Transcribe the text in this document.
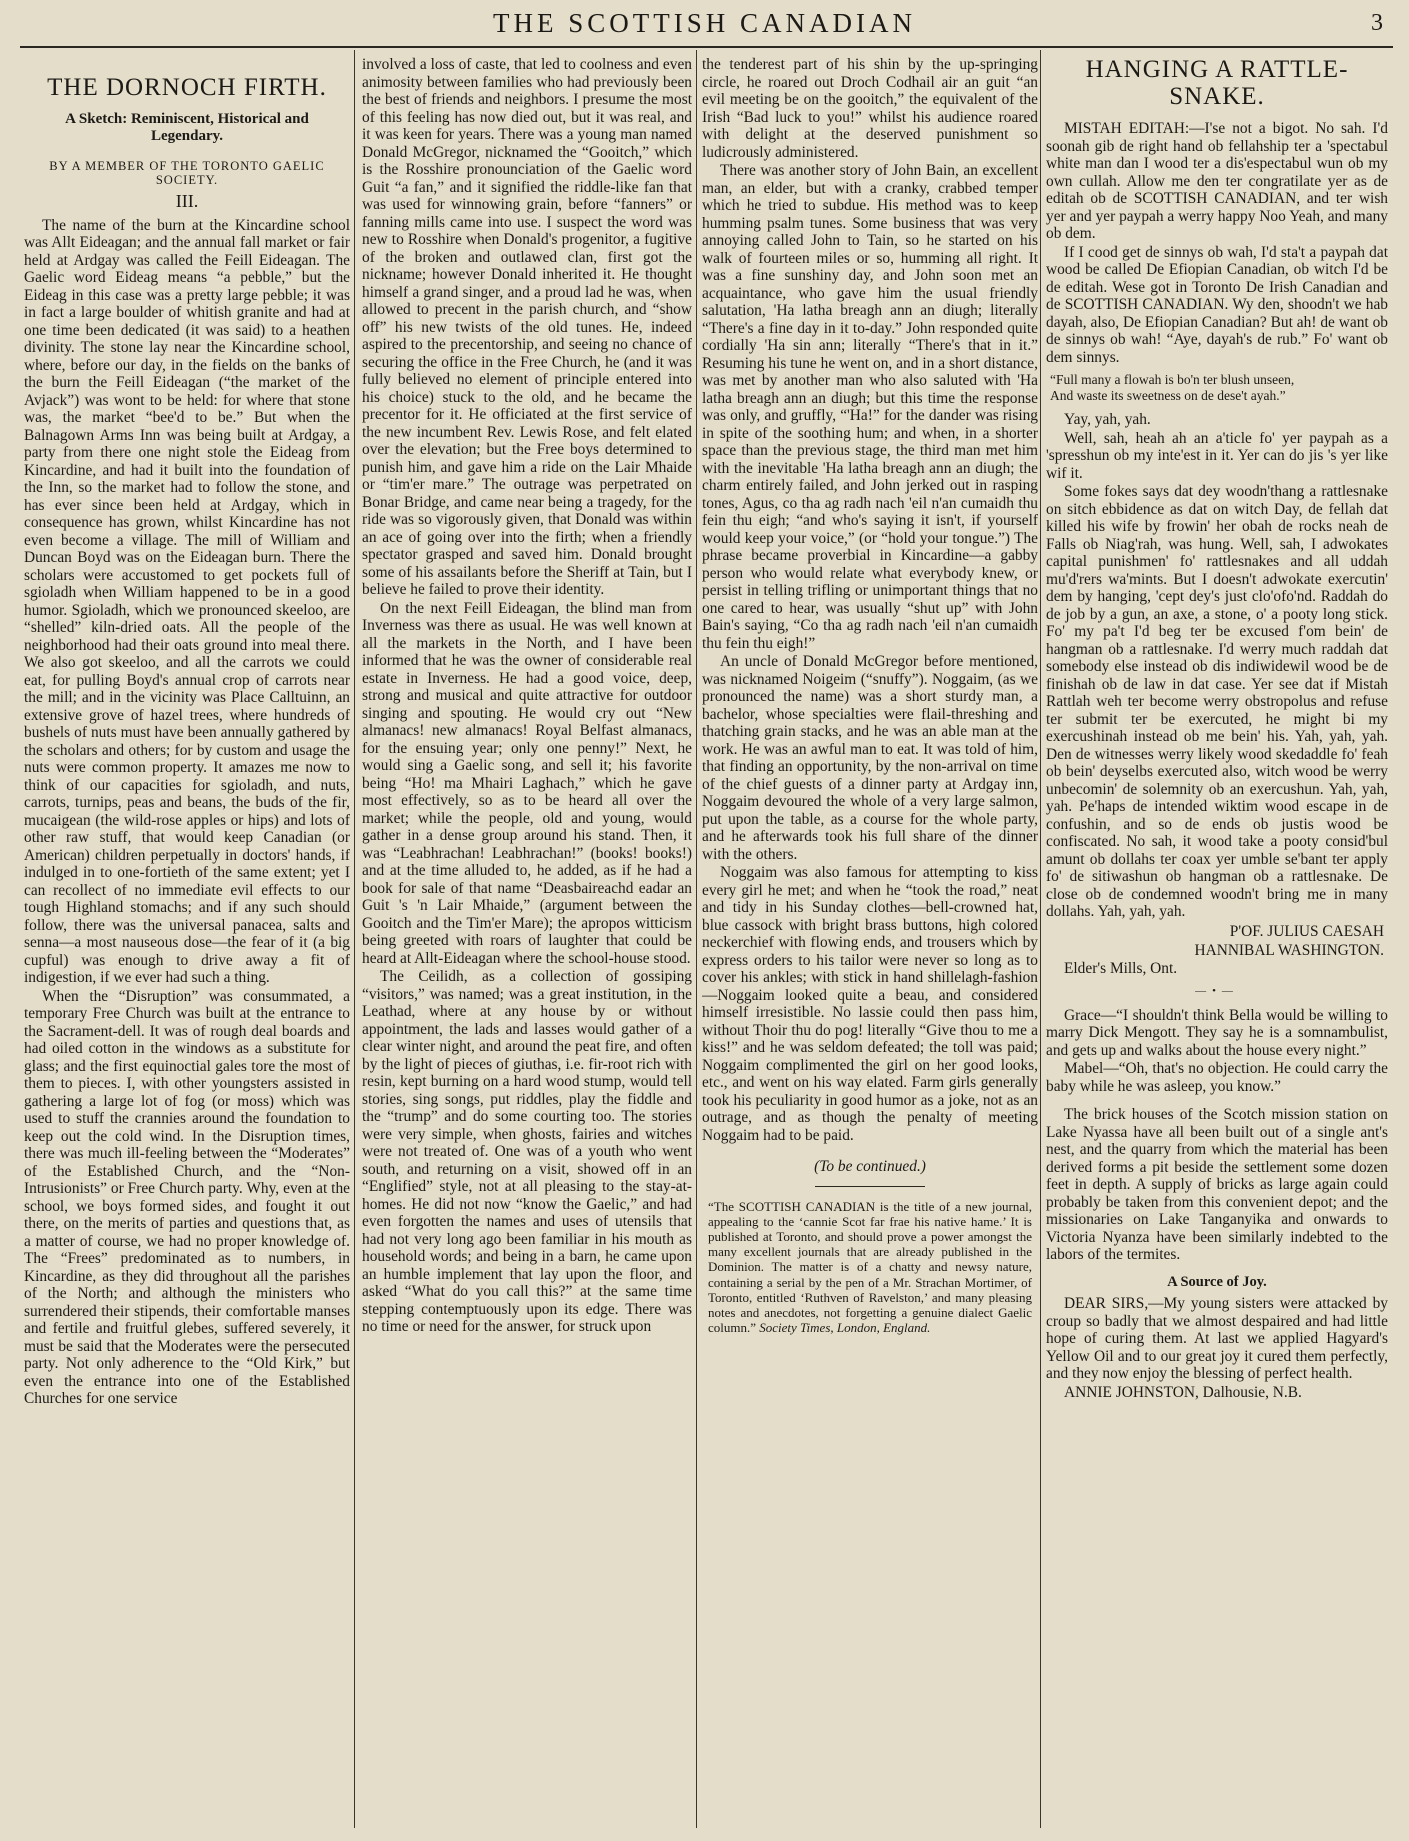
THE SCOTTISH CANADIAN	3
THE DORNOCH FIRTH.
A Sketch: Reminiscent, Historical and Legendary.
BY A MEMBER OF THE TORONTO GAELIC SOCIETY.
III.

The name of the burn at the Kincardine school was Allt Eideagan; and the annual fall market or fair held at Ardgay was called the Feill Eideagan. The Gaelic word Eideag means “a pebble,” but the Eideag in this case was a pretty large pebble; it was in fact a large boulder of whitish granite and had at one time been dedicated (it was said) to a heathen divinity. The stone lay near the Kincardine school, where, before our day, in the fields on the banks of the burn the Feill Eideagan (“the market of the Avjack”) was wont to be held: for where that stone was, the market “bee'd to be.” But when the Balnagown Arms Inn was being built at Ardgay, a party from there one night stole the Eideag from Kincardine, and had it built into the foundation of the Inn, so the market had to follow the stone, and has ever since been held at Ardgay, which in consequence has grown, whilst Kincardine has not even become a village. The mill of William and Duncan Boyd was on the Eideagan burn. There the scholars were accustomed to get pockets full of sgioladh when William happened to be in a good humor. Sgioladh, which we pronounced skeeloo, are “shelled” kiln-dried oats. All the people of the neighborhood had their oats ground into meal there. We also got skeeloo, and all the carrots we could eat, for pulling Boyd's annual crop of carrots near the mill; and in the vicinity was Place Calltuinn, an extensive grove of hazel trees, where hundreds of bushels of nuts must have been annually gathered by the scholars and others; for by custom and usage the nuts were common property. It amazes me now to think of our capacities for sgioladh, and nuts, carrots, turnips, peas and beans, the buds of the fir, mucaigean (the wild-rose apples or hips) and lots of other raw stuff, that would keep Canadian (or American) children perpetually in doctors' hands, if indulged in to one-fortieth of the same extent; yet I can recollect of no immediate evil effects to our tough Highland stomachs; and if any such should follow, there was the universal panacea, salts and senna—a most nauseous dose—the fear of it (a big cupful) was enough to drive away a fit of indigestion, if we ever had such a thing.

When the “Disruption” was consummated, a temporary Free Church was built at the entrance to the Sacrament-dell. It was of rough deal boards and had oiled cotton in the windows as a substitute for glass; and the first equinoctial gales tore the most of them to pieces. I, with other youngsters assisted in gathering a large lot of fog (or moss) which was used to stuff the crannies around the foundation to keep out the cold wind. In the Disruption times, there was much ill-feeling between the “Moderates” of the Established Church, and the “Non-Intrusionists” or Free Church party. Why, even at the school, we boys formed sides, and fought it out there, on the merits of parties and questions that, as a matter of course, we had no proper knowledge of. The “Frees” predominated as to numbers, in Kincardine, as they did throughout all the parishes of the North; and although the ministers who surrendered their stipends, their comfortable manses and fertile and fruitful glebes, suffered severely, it must be said that the Moderates were the persecuted party. Not only adherence to the “Old Kirk,” but even the entrance into one of the Established Churches for one service

involved a loss of caste, that led to coolness and even animosity between families who had previously been the best of friends and neighbors. I presume the most of this feeling has now died out, but it was real, and it was keen for years. There was a young man named Donald McGregor, nicknamed the “Gooitch,” which is the Rosshire pronounciation of the Gaelic word Guit “a fan,” and it signified the riddle-like fan that was used for winnowing grain, before “fanners” or fanning mills came into use. I suspect the word was new to Rosshire when Donald's progenitor, a fugitive of the broken and outlawed clan, first got the nickname; however Donald inherited it. He thought himself a grand singer, and a proud lad he was, when allowed to precent in the parish church, and “show off” his new twists of the old tunes. He, indeed aspired to the precentorship, and seeing no chance of securing the office in the Free Church, he (and it was fully believed no element of principle entered into his choice) stuck to the old, and he became the precentor for it. He officiated at the first service of the new incumbent Rev. Lewis Rose, and felt elated over the elevation; but the Free boys determined to punish him, and gave him a ride on the Lair Mhaide or “tim'er mare.” The outrage was perpetrated on Bonar Bridge, and came near being a tragedy, for the ride was so vigorously given, that Donald was within an ace of going over into the firth; when a friendly spectator grasped and saved him. Donald brought some of his assailants before the Sheriff at Tain, but I believe he failed to prove their identity.

On the next Feill Eideagan, the blind man from Inverness was there as usual. He was well known at all the markets in the North, and I have been informed that he was the owner of considerable real estate in Inverness. He had a good voice, deep, strong and musical and quite attractive for outdoor singing and spouting. He would cry out “New almanacs! new almanacs! Royal Belfast almanacs, for the ensuing year; only one penny!” Next, he would sing a Gaelic song, and sell it; his favorite being “Ho! ma Mhairi Laghach,” which he gave most effectively, so as to be heard all over the market; while the people, old and young, would gather in a dense group around his stand. Then, it was “Leabhrachan! Leabhrachan!” (books! books!) and at the time alluded to, he added, as if he had a book for sale of that name “Deasbaireachd eadar an Guit 's 'n Lair Mhaide,” (argument between the Gooitch and the Tim'er Mare); the apropos witticism being greeted with roars of laughter that could be heard at Allt-Eideagan where the school-house stood.

The Ceilidh, as a collection of gossiping “visitors,” was named; was a great institution, in the Leathad, where at any house by or without appointment, the lads and lasses would gather of a clear winter night, and around the peat fire, and often by the light of pieces of giuthas, i.e. fir-root rich with resin, kept burning on a hard wood stump, would tell stories, sing songs, put riddles, play the fiddle and the “trump” and do some courting too. The stories were very simple, when ghosts, fairies and witches were not treated of. One was of a youth who went south, and returning on a visit, showed off in an “Englified” style, not at all pleasing to the stay-at-homes. He did not now “know the Gaelic,” and had even forgotten the names and uses of utensils that had not very long ago been familiar in his mouth as household words; and being in a barn, he came upon an humble implement that lay upon the floor, and asked “What do you call this?” at the same time stepping contemptuously upon its edge. There was no time or need for the answer, for struck upon

the tenderest part of his shin by the up-springing circle, he roared out Droch Codhail air an guit “an evil meeting be on the gooitch,” the equivalent of the Irish “Bad luck to you!” whilst his audience roared with delight at the deserved punishment so ludicrously administered.

There was another story of John Bain, an excellent man, an elder, but with a cranky, crabbed temper which he tried to subdue. His method was to keep humming psalm tunes. Some business that was very annoying called John to Tain, so he started on his walk of fourteen miles or so, humming all right. It was a fine sunshiny day, and John soon met an acquaintance, who gave him the usual friendly salutation, 'Ha latha breagh ann an diugh; literally “There's a fine day in it to-day.” John responded quite cordially 'Ha sin ann; literally “There's that in it.” Resuming his tune he went on, and in a short distance, was met by another man who also saluted with 'Ha latha breagh ann an diugh; but this time the response was only, and gruffly, “'Ha!” for the dander was rising in spite of the soothing hum; and when, in a shorter space than the previous stage, the third man met him with the inevitable 'Ha latha breagh ann an diugh; the charm entirely failed, and John jerked out in rasping tones, Agus, co tha ag radh nach 'eil n'an cumaidh thu fein thu eigh; “and who's saying it isn't, if yourself would keep your voice,” (or “hold your tongue.”) The phrase became proverbial in Kincardine—a gabby person who would relate what everybody knew, or persist in telling trifling or unimportant things that no one cared to hear, was usually “shut up” with John Bain's saying, “Co tha ag radh nach 'eil n'an cumaidh thu fein thu eigh!”

An uncle of Donald McGregor before mentioned, was nicknamed Noigeim (“snuffy”). Noggaim, (as we pronounced the name) was a short sturdy man, a bachelor, whose specialties were flail-threshing and thatching grain stacks, and he was an able man at the work. He was an awful man to eat. It was told of him, that finding an opportunity, by the non-arrival on time of the chief guests of a dinner party at Ardgay inn, Noggaim devoured the whole of a very large salmon, put upon the table, as a course for the whole party, and he afterwards took his full share of the dinner with the others.

Noggaim was also famous for attempting to kiss every girl he met; and when he “took the road,” neat and tidy in his Sunday clothes—bell-crowned hat, blue cassock with bright brass buttons, high colored neckerchief with flowing ends, and trousers which by express orders to his tailor were never so long as to cover his ankles; with stick in hand shillelagh-fashion—Noggaim looked quite a beau, and considered himself irresistible. No lassie could then pass him, without Thoir thu do pog! literally “Give thou to me a kiss!” and he was seldom defeated; the toll was paid; Noggaim complimented the girl on her good looks, etc., and went on his way elated. Farm girls generally took his peculiarity in good humor as a joke, not as an outrage, and as though the penalty of meeting Noggaim had to be paid.

(To be continued.)
“The SCOTTISH CANADIAN is the title of a new journal, appealing to the ‘cannie Scot far frae his native hame.’ It is published at Toronto, and should prove a power amongst the many excellent journals that are already published in the Dominion. The matter is of a chatty and newsy nature, containing a serial by the pen of a Mr. Strachan Mortimer, of Toronto, entitled ‘Ruthven of Ravelston,’ and many pleasing notes and anecdotes, not forgetting a genuine dialect Gaelic column.” Society Times, London, England.
HANGING A RATTLE-SNAKE.

MISTAH EDITAH:—I'se not a bigot. No sah. I'd soonah gib de right hand ob fellahship ter a 'spectabul white man dan I wood ter a dis'espectabul wun ob my own cullah. Allow me den ter congratilate yer as de editah ob de SCOTTISH CANADIAN, and ter wish yer and yer paypah a werry happy Noo Yeah, and many ob dem.

If I cood get de sinnys ob wah, I'd sta't a paypah dat wood be called De Efiopian Canadian, ob witch I'd be de editah. Wese got in Toronto De Irish Canadian and de SCOTTISH CANADIAN. Wy den, shoodn't we hab dayah, also, De Efiopian Canadian? But ah! de want ob de sinnys ob wah! “Aye, dayah's de rub.” Fo' want ob dem sinnys.

“Full many a flowah is bo'n ter blush unseen,
And waste its sweetness on de dese't ayah.”

Yay, yah, yah.

Well, sah, heah ah an a'ticle fo' yer paypah as a 'spresshun ob my inte'est in it. Yer can do jis 's yer like wif it.

Some fokes says dat dey woodn'thang a rattlesnake on sitch ebbidence as dat on witch Day, de fellah dat killed his wife by frowin' her obah de rocks neah de Falls ob Niag'rah, was hung. Well, sah, I adwokates capital punishmen' fo' rattlesnakes and all uddah mu'd'rers wa'mints. But I doesn't adwokate exercutin' dem by hanging, 'cept dey's just clo'ofo'nd. Raddah do de job by a gun, an axe, a stone, o' a pooty long stick. Fo' my pa't I'd beg ter be excused f'om bein' de hangman ob a rattlesnake. I'd werry much raddah dat somebody else instead ob dis indiwidewil wood be de finishah ob de law in dat case. Yer see dat if Mistah Rattlah weh ter become werry obstropolus and refuse ter submit ter be exercuted, he might bi my exercushinah instead ob me bein' his. Yah, yah, yah. Den de witnesses werry likely wood skedaddle fo' feah ob bein' deyselbs exercuted also, witch wood be werry unbecomin' de solemnity ob an exercushun. Yah, yah, yah. Pe'haps de intended wiktim wood escape in de confushin, and so de ends ob justis wood be confiscated. No sah, it wood take a pooty consid'bul amunt ob dollahs ter coax yer umble se'bant ter apply fo' de sitiwashun ob hangman ob a rattlesnake. De close ob de condemned woodn't bring me in many dollahs. Yah, yah, yah.

P'OF. JULIUS CAESAH
HANNIBAL WASHINGTON.

Elder's Mills, Ont.

—•—

Grace—“I shouldn't think Bella would be willing to marry Dick Mengott. They say he is a somnambulist, and gets up and walks about the house every night.”

Mabel—“Oh, that's no objection. He could carry the baby while he was asleep, you know.”

The brick houses of the Scotch mission station on Lake Nyassa have all been built out of a single ant's nest, and the quarry from which the material has been derived forms a pit beside the settlement some dozen feet in depth. A supply of bricks as large again could probably be taken from this convenient depot; and the missionaries on Lake Tanganyika and onwards to Victoria Nyanza have been similarly indebted to the labors of the termites.

A Source of Joy.

DEAR SIRS,—My young sisters were attacked by croup so badly that we almost despaired and had little hope of curing them. At last we applied Hagyard's Yellow Oil and to our great joy it cured them perfectly, and they now enjoy the blessing of perfect health.

ANNIE JOHNSTON, Dalhousie, N.B.
